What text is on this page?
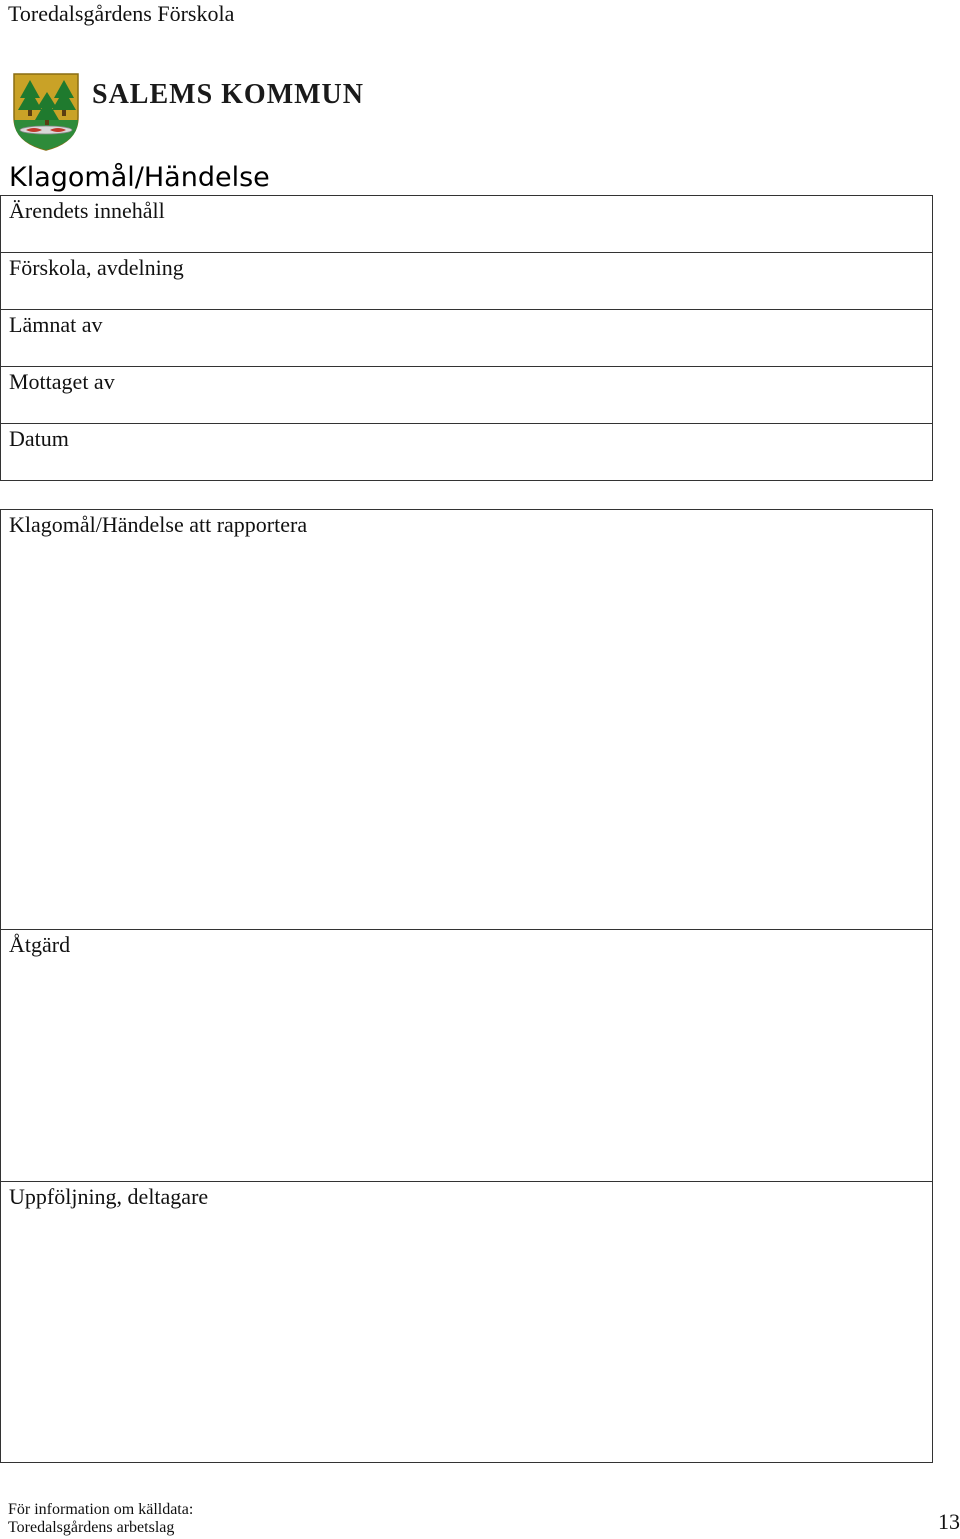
Toredalsgårdens Förskola
SALEMS KOMMUN
Klagomål/Händelse
Ärendets innehåll
Förskola, avdelning
Lämnat av
Mottaget av
Datum
Klagomål/Händelse att rapportera
Åtgärd
Uppföljning, deltagare
För information om källdata:
Toredalsgårdens arbetslag	13
